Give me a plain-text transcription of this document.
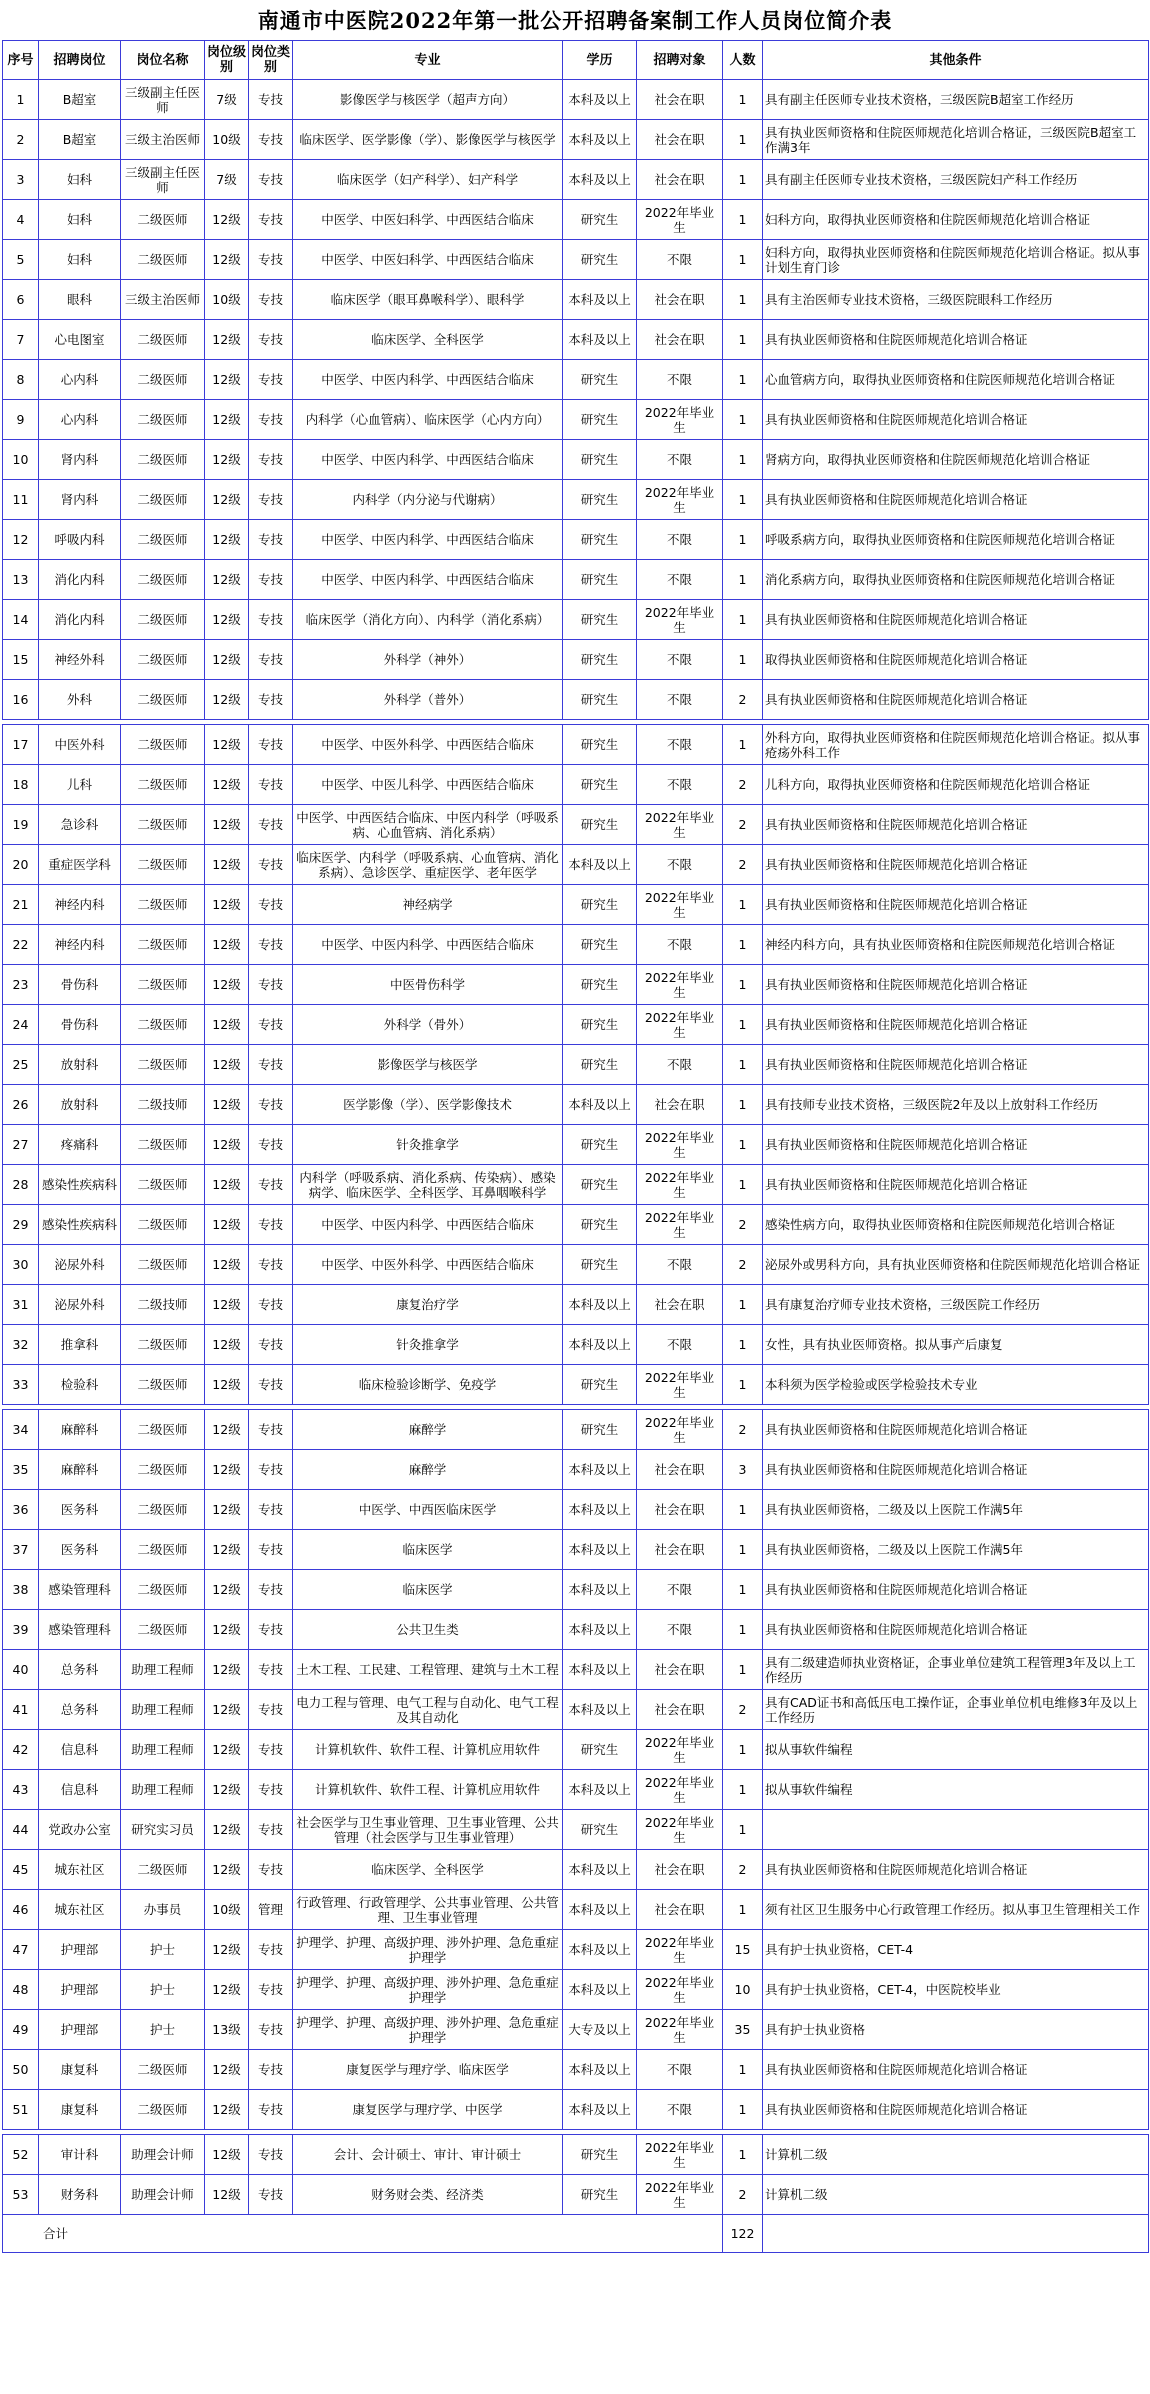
南通市中医院2022年第一批公开招聘备案制工作人员岗位简介表
序号	招聘岗位	岗位名称	岗位级别	岗位类别	专业	学历	招聘对象	人数	其他条件
1	B超室	三级副主任医师	7级	专技	影像医学与核医学（超声方向）	本科及以上	社会在职	1	具有副主任医师专业技术资格，三级医院B超室工作经历
2	B超室	三级主治医师	10级	专技	临床医学、医学影像（学）、影像医学与核医学	本科及以上	社会在职	1	具有执业医师资格和住院医师规范化培训合格证，三级医院B超室工作满3年
3	妇科	三级副主任医师	7级	专技	临床医学（妇产科学）、妇产科学	本科及以上	社会在职	1	具有副主任医师专业技术资格，三级医院妇产科工作经历
4	妇科	二级医师	12级	专技	中医学、中医妇科学、中西医结合临床	研究生	2022年毕业生	1	妇科方向，取得执业医师资格和住院医师规范化培训合格证
5	妇科	二级医师	12级	专技	中医学、中医妇科学、中西医结合临床	研究生	不限	1	妇科方向，取得执业医师资格和住院医师规范化培训合格证。拟从事计划生育门诊
6	眼科	三级主治医师	10级	专技	临床医学（眼耳鼻喉科学）、眼科学	本科及以上	社会在职	1	具有主治医师专业技术资格，三级医院眼科工作经历
7	心电图室	二级医师	12级	专技	临床医学、全科医学	本科及以上	社会在职	1	具有执业医师资格和住院医师规范化培训合格证
8	心内科	二级医师	12级	专技	中医学、中医内科学、中西医结合临床	研究生	不限	1	心血管病方向，取得执业医师资格和住院医师规范化培训合格证
9	心内科	二级医师	12级	专技	内科学（心血管病）、临床医学（心内方向）	研究生	2022年毕业生	1	具有执业医师资格和住院医师规范化培训合格证
10	肾内科	二级医师	12级	专技	中医学、中医内科学、中西医结合临床	研究生	不限	1	肾病方向，取得执业医师资格和住院医师规范化培训合格证
11	肾内科	二级医师	12级	专技	内科学（内分泌与代谢病）	研究生	2022年毕业生	1	具有执业医师资格和住院医师规范化培训合格证
12	呼吸内科	二级医师	12级	专技	中医学、中医内科学、中西医结合临床	研究生	不限	1	呼吸系病方向，取得执业医师资格和住院医师规范化培训合格证
13	消化内科	二级医师	12级	专技	中医学、中医内科学、中西医结合临床	研究生	不限	1	消化系病方向，取得执业医师资格和住院医师规范化培训合格证
14	消化内科	二级医师	12级	专技	临床医学（消化方向）、内科学（消化系病）	研究生	2022年毕业生	1	具有执业医师资格和住院医师规范化培训合格证
15	神经外科	二级医师	12级	专技	外科学（神外）	研究生	不限	1	取得执业医师资格和住院医师规范化培训合格证
16	外科	二级医师	12级	专技	外科学（普外）	研究生	不限	2	具有执业医师资格和住院医师规范化培训合格证

17	中医外科	二级医师	12级	专技	中医学、中医外科学、中西医结合临床	研究生	不限	1	外科方向，取得执业医师资格和住院医师规范化培训合格证。拟从事疮疡外科工作
18	儿科	二级医师	12级	专技	中医学、中医儿科学、中西医结合临床	研究生	不限	2	儿科方向，取得执业医师资格和住院医师规范化培训合格证
19	急诊科	二级医师	12级	专技	中医学、中西医结合临床、中医内科学（呼吸系病、心血管病、消化系病）	研究生	2022年毕业生	2	具有执业医师资格和住院医师规范化培训合格证
20	重症医学科	二级医师	12级	专技	临床医学、内科学（呼吸系病、心血管病、消化系病）、急诊医学、重症医学、老年医学	本科及以上	不限	2	具有执业医师资格和住院医师规范化培训合格证
21	神经内科	二级医师	12级	专技	神经病学	研究生	2022年毕业生	1	具有执业医师资格和住院医师规范化培训合格证
22	神经内科	二级医师	12级	专技	中医学、中医内科学、中西医结合临床	研究生	不限	1	神经内科方向，具有执业医师资格和住院医师规范化培训合格证
23	骨伤科	二级医师	12级	专技	中医骨伤科学	研究生	2022年毕业生	1	具有执业医师资格和住院医师规范化培训合格证
24	骨伤科	二级医师	12级	专技	外科学（骨外）	研究生	2022年毕业生	1	具有执业医师资格和住院医师规范化培训合格证
25	放射科	二级医师	12级	专技	影像医学与核医学	研究生	不限	1	具有执业医师资格和住院医师规范化培训合格证
26	放射科	二级技师	12级	专技	医学影像（学）、医学影像技术	本科及以上	社会在职	1	具有技师专业技术资格，三级医院2年及以上放射科工作经历
27	疼痛科	二级医师	12级	专技	针灸推拿学	研究生	2022年毕业生	1	具有执业医师资格和住院医师规范化培训合格证
28	感染性疾病科	二级医师	12级	专技	内科学（呼吸系病、消化系病、传染病）、感染病学、临床医学、全科医学、耳鼻咽喉科学	研究生	2022年毕业生	1	具有执业医师资格和住院医师规范化培训合格证
29	感染性疾病科	二级医师	12级	专技	中医学、中医内科学、中西医结合临床	研究生	2022年毕业生	2	感染性病方向，取得执业医师资格和住院医师规范化培训合格证
30	泌尿外科	二级医师	12级	专技	中医学、中医外科学、中西医结合临床	研究生	不限	2	泌尿外或男科方向，具有执业医师资格和住院医师规范化培训合格证
31	泌尿外科	二级技师	12级	专技	康复治疗学	本科及以上	社会在职	1	具有康复治疗师专业技术资格，三级医院工作经历
32	推拿科	二级医师	12级	专技	针灸推拿学	本科及以上	不限	1	女性，具有执业医师资格。拟从事产后康复
33	检验科	二级医师	12级	专技	临床检验诊断学、免疫学	研究生	2022年毕业生	1	本科须为医学检验或医学检验技术专业

34	麻醉科	二级医师	12级	专技	麻醉学	研究生	2022年毕业生	2	具有执业医师资格和住院医师规范化培训合格证
35	麻醉科	二级医师	12级	专技	麻醉学	本科及以上	社会在职	3	具有执业医师资格和住院医师规范化培训合格证
36	医务科	二级医师	12级	专技	中医学、中西医临床医学	本科及以上	社会在职	1	具有执业医师资格，二级及以上医院工作满5年
37	医务科	二级医师	12级	专技	临床医学	本科及以上	社会在职	1	具有执业医师资格，二级及以上医院工作满5年
38	感染管理科	二级医师	12级	专技	临床医学	本科及以上	不限	1	具有执业医师资格和住院医师规范化培训合格证
39	感染管理科	二级医师	12级	专技	公共卫生类	本科及以上	不限	1	具有执业医师资格和住院医师规范化培训合格证
40	总务科	助理工程师	12级	专技	土木工程、工民建、工程管理、建筑与土木工程	本科及以上	社会在职	1	具有二级建造师执业资格证，企事业单位建筑工程管理3年及以上工作经历
41	总务科	助理工程师	12级	专技	电力工程与管理、电气工程与自动化、电气工程及其自动化	本科及以上	社会在职	2	具有CAD证书和高低压电工操作证，企事业单位机电维修3年及以上工作经历
42	信息科	助理工程师	12级	专技	计算机软件、软件工程、计算机应用软件	研究生	2022年毕业生	1	拟从事软件编程
43	信息科	助理工程师	12级	专技	计算机软件、软件工程、计算机应用软件	本科及以上	2022年毕业生	1	拟从事软件编程
44	党政办公室	研究实习员	12级	专技	社会医学与卫生事业管理、卫生事业管理、公共管理（社会医学与卫生事业管理）	研究生	2022年毕业生	1	
45	城东社区	二级医师	12级	专技	临床医学、全科医学	本科及以上	社会在职	2	具有执业医师资格和住院医师规范化培训合格证
46	城东社区	办事员	10级	管理	行政管理、行政管理学、公共事业管理、公共管理、卫生事业管理	本科及以上	社会在职	1	须有社区卫生服务中心行政管理工作经历。拟从事卫生管理相关工作
47	护理部	护士	12级	专技	护理学、护理、高级护理、涉外护理、急危重症护理学	本科及以上	2022年毕业生	15	具有护士执业资格，CET-4
48	护理部	护士	12级	专技	护理学、护理、高级护理、涉外护理、急危重症护理学	本科及以上	2022年毕业生	10	具有护士执业资格，CET-4，中医院校毕业
49	护理部	护士	13级	专技	护理学、护理、高级护理、涉外护理、急危重症护理学	大专及以上	2022年毕业生	35	具有护士执业资格
50	康复科	二级医师	12级	专技	康复医学与理疗学、临床医学	本科及以上	不限	1	具有执业医师资格和住院医师规范化培训合格证
51	康复科	二级医师	12级	专技	康复医学与理疗学、中医学	本科及以上	不限	1	具有执业医师资格和住院医师规范化培训合格证

52	审计科	助理会计师	12级	专技	会计、会计硕士、审计、审计硕士	研究生	2022年毕业生	1	计算机二级
53	财务科	助理会计师	12级	专技	财务财会类、经济类	研究生	2022年毕业生	2	计算机二级
合计								122	
